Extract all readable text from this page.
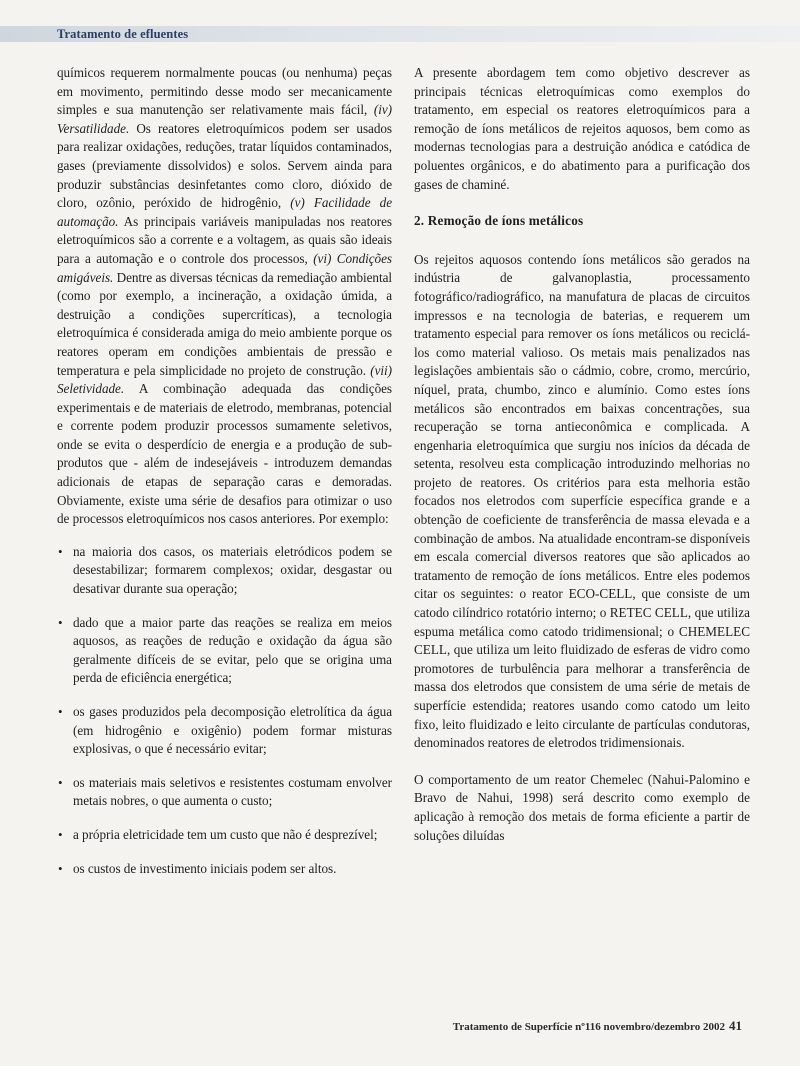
Tratamento de efluentes

químicos requerem normalmente poucas (ou nenhuma) peças em movimento, permitindo desse modo ser mecanicamente simples e sua manutenção ser relativamente mais fácil, (iv) Versatilidade. Os reatores eletroquímicos podem ser usados para realizar oxidações, reduções, tratar líquidos contaminados, gases (previamente dissolvidos) e solos. Servem ainda para produzir substâncias desinfetantes como cloro, dióxido de cloro, ozônio, peróxido de hidrogênio, (v) Facilidade de automação. As principais variáveis manipuladas nos reatores eletroquímicos são a corrente e a voltagem, as quais são ideais para a automação e o controle dos processos, (vi) Condições amigáveis. Dentre as diversas técnicas da remediação ambiental (como por exemplo, a incineração, a oxidação úmida, a destruição a condições supercríticas), a tecnologia eletroquímica é considerada amiga do meio ambiente porque os reatores operam em condições ambientais de pressão e temperatura e pela simplicidade no projeto de construção. (vii) Seletividade. A combinação adequada das condições experimentais e de materiais de eletrodo, membranas, potencial e corrente podem produzir processos sumamente seletivos, onde se evita o desperdício de energia e a produção de sub-produtos que - além de indesejáveis - introduzem demandas adicionais de etapas de separação caras e demoradas. Obviamente, existe uma série de desafios para otimizar o uso de processos eletroquímicos nos casos anteriores. Por exemplo:

• na maioria dos casos, os materiais eletródicos podem se desestabilizar; formarem complexos; oxidar, desgastar ou desativar durante sua operação;
• dado que a maior parte das reações se realiza em meios aquosos, as reações de redução e oxidação da água são geralmente difíceis de se evitar, pelo que se origina uma perda de eficiência energética;
• os gases produzidos pela decomposição eletrolítica da água (em hidrogênio e oxigênio) podem formar misturas explosivas, o que é necessário evitar;
• os materiais mais seletivos e resistentes costumam envolver metais nobres, o que aumenta o custo;
• a própria eletricidade tem um custo que não é desprezível;
• os custos de investimento iniciais podem ser altos.

A presente abordagem tem como objetivo descrever as principais técnicas eletroquímicas como exemplos do tratamento, em especial os reatores eletroquímicos para a remoção de íons metálicos de rejeitos aquosos, bem como as modernas tecnologias para a destruição anódica e catódica de poluentes orgânicos, e do abatimento para a purificação dos gases de chaminé.

2. Remoção de íons metálicos

Os rejeitos aquosos contendo íons metálicos são gerados na indústria de galvanoplastia, processamento fotográfico/radiográfico, na manufatura de placas de circuitos impressos e na tecnologia de baterias, e requerem um tratamento especial para remover os íons metálicos ou reciclá-los como material valioso. Os metais mais penalizados nas legislações ambientais são o cádmio, cobre, cromo, mercúrio, níquel, prata, chumbo, zinco e alumínio. Como estes íons metálicos são encontrados em baixas concentrações, sua recuperação se torna antieconômica e complicada. A engenharia eletroquímica que surgiu nos inícios da década de setenta, resolveu esta complicação introduzindo melhorias no projeto de reatores. Os critérios para esta melhoria estão focados nos eletrodos com superfície específica grande e a obtenção de coeficiente de transferência de massa elevada e a combinação de ambos. Na atualidade encontram-se disponíveis em escala comercial diversos reatores que são aplicados ao tratamento de remoção de íons metálicos. Entre eles podemos citar os seguintes: o reator ECO-CELL, que consiste de um catodo cilíndrico rotatório interno; o RETEC CELL, que utiliza espuma metálica como catodo tridimensional; o CHEMELEC CELL, que utiliza um leito fluidizado de esferas de vidro como promotores de turbulência para melhorar a transferência de massa dos eletrodos que consistem de uma série de metais de superfície estendida; reatores usando como catodo um leito fixo, leito fluidizado e leito circulante de partículas condutoras, denominados reatores de eletrodos tridimensionais.

O comportamento de um reator Chemelec (Nahui-Palomino e Bravo de Nahui, 1998) será descrito como exemplo de aplicação à remoção dos metais de forma eficiente a partir de soluções diluídas

Tratamento de Superfície nº116 novembro/dezembro 2002 41
